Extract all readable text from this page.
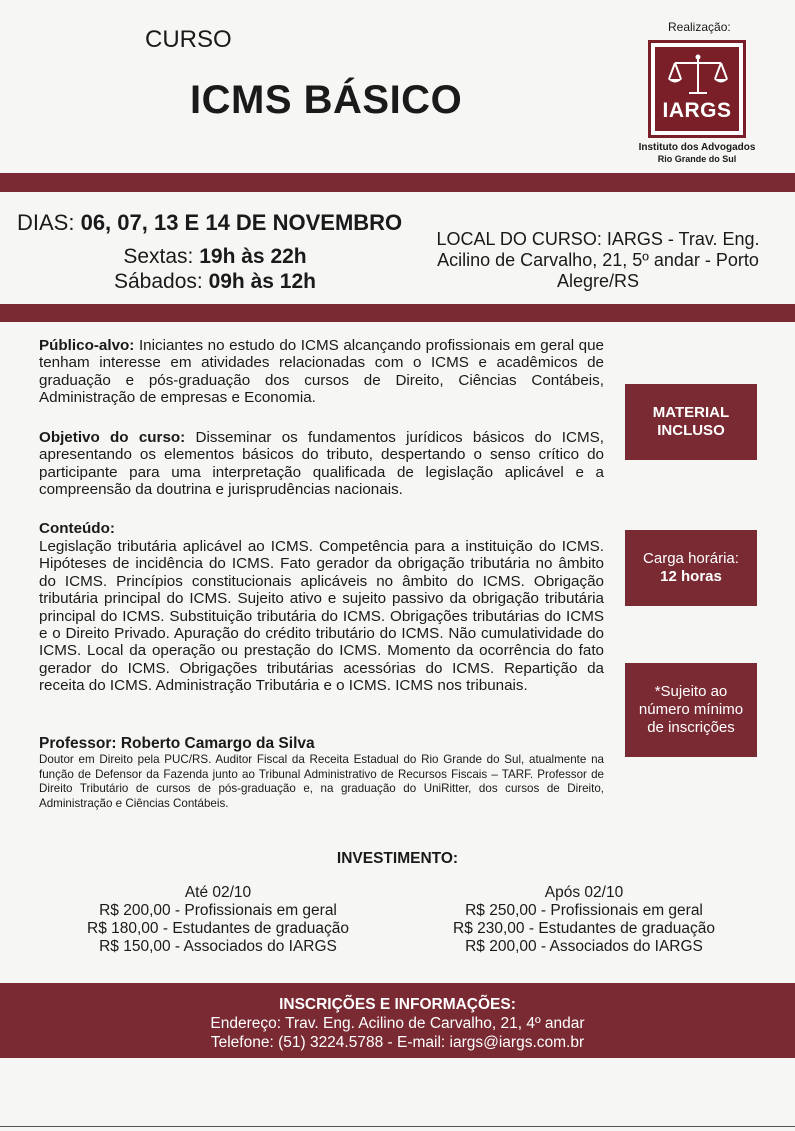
CURSO
ICMS BÁSICO
Realização:
IARGS
Instituto dos Advogados
Rio Grande do Sul
DIAS: 06, 07, 13 E 14 DE NOVEMBRO
Sextas: 19h às 22h
Sábados: 09h às 12h
LOCAL DO CURSO: IARGS - Trav. Eng. Acilino de Carvalho, 21, 5º andar - Porto Alegre/RS
Público-alvo: Iniciantes no estudo do ICMS alcançando profissionais em geral que tenham interesse em atividades relacionadas com o ICMS e acadêmicos de graduação e pós-graduação dos cursos de Direito, Ciências Contábeis, Administração de empresas e Economia.
Objetivo do curso: Disseminar os fundamentos jurídicos básicos do ICMS, apresentando os elementos básicos do tributo, despertando o senso crítico do participante para uma interpretação qualificada de legislação aplicável e a compreensão da doutrina e jurisprudências nacionais.
Conteúdo:
Legislação tributária aplicável ao ICMS. Competência para a instituição do ICMS. Hipóteses de incidência do ICMS. Fato gerador da obrigação tributária no âmbito do ICMS. Princípios constitucionais aplicáveis no âmbito do ICMS. Obrigação tributária principal do ICMS. Sujeito ativo e sujeito passivo da obrigação tributária principal do ICMS. Substituição tributária do ICMS. Obrigações tributárias do ICMS e o Direito Privado. Apuração do crédito tributário do ICMS. Não cumulatividade do ICMS. Local da operação ou prestação do ICMS. Momento da ocorrência do fato gerador do ICMS. Obrigações tributárias acessórias do ICMS. Repartição da receita do ICMS. Administração Tributária e o ICMS. ICMS nos tribunais.
Professor: Roberto Camargo da Silva
Doutor em Direito pela PUC/RS. Auditor Fiscal da Receita Estadual do Rio Grande do Sul, atualmente na função de Defensor da Fazenda junto ao Tribunal Administrativo de Recursos Fiscais – TARF. Professor de Direito Tributário de cursos de pós-graduação e, na graduação do UniRitter, dos cursos de Direito, Administração e Ciências Contábeis.
MATERIAL
INCLUSO
Carga horária:
12 horas
*Sujeito ao
número mínimo
de inscrições
INVESTIMENTO:
Até 02/10
R$ 200,00 - Profissionais em geral
R$ 180,00 - Estudantes de graduação
R$ 150,00 - Associados do IARGS
Após 02/10
R$ 250,00 - Profissionais em geral
R$ 230,00 - Estudantes de graduação
R$ 200,00 - Associados do IARGS
INSCRIÇÕES E INFORMAÇÕES:
Endereço: Trav. Eng. Acilino de Carvalho, 21, 4º andar
Telefone: (51) 3224.5788 - E-mail: iargs@iargs.com.br
